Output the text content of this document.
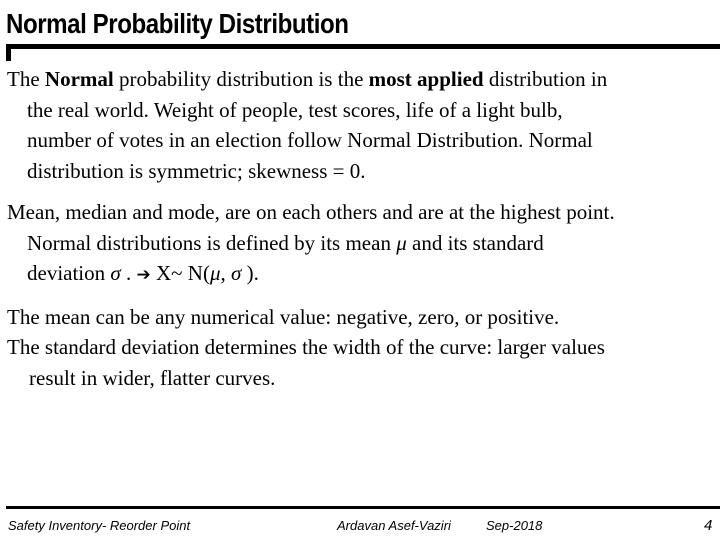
Normal Probability Distribution

The Normal probability distribution is the most applied distribution in
the real world. Weight of people, test scores, life of a light bulb,
number of votes in an election follow Normal Distribution. Normal
distribution is symmetric; skewness = 0.

Mean, median and mode, are on each others and are at the highest point.
Normal distributions is defined by its mean μ and its standard
deviation σ . ➔ X~ N(μ, σ ).

The mean can be any numerical value: negative, zero, or positive.

The standard deviation determines the width of the curve: larger values
result in wider, flatter curves.

Safety Inventory- Reorder Point	Ardavan Asef-Vaziri	Sep-2018	4
